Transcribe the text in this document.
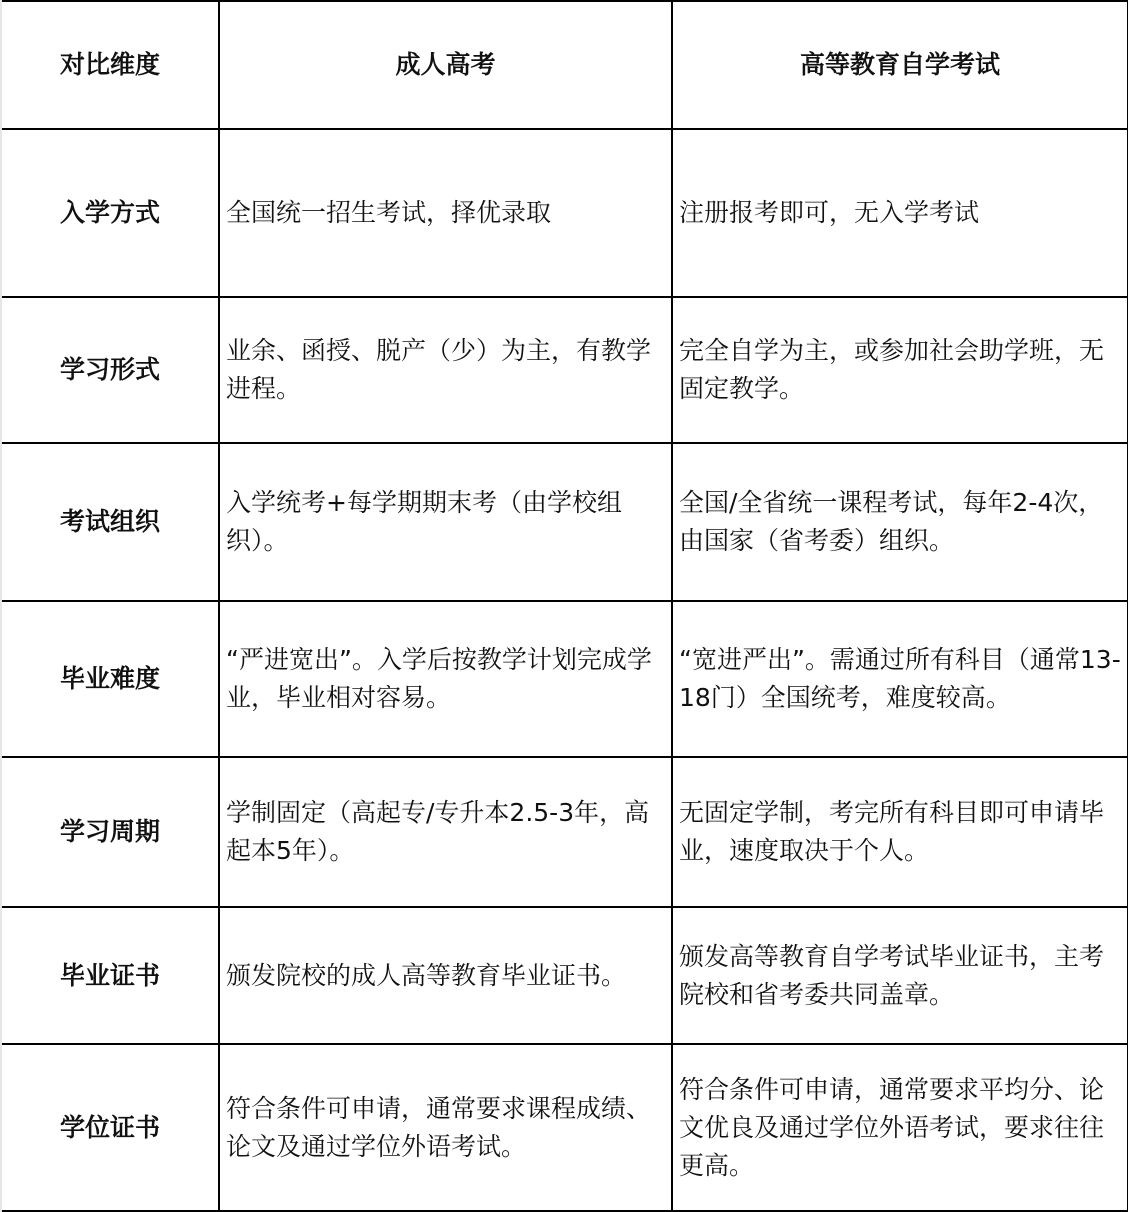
对比维度	成人高考	高等教育自学考试
入学方式	全国统一招生考试，择优录取	注册报考即可，无入学考试
学习形式	业余、函授、脱产（少）为主，有教学进程。	完全自学为主，或参加社会助学班，无固定教学。
考试组织	入学统考+每学期期末考（由学校组织）。	全国/全省统一课程考试，每年2-4次，由国家（省考委）组织。
毕业难度	“严进宽出”。入学后按教学计划完成学业，毕业相对容易。	“宽进严出”。需通过所有科目（通常13-18门）全国统考，难度较高。
学习周期	学制固定（高起专/专升本2.5-3年，高起本5年）。	无固定学制，考完所有科目即可申请毕业，速度取决于个人。
毕业证书	颁发院校的成人高等教育毕业证书。	颁发高等教育自学考试毕业证书，主考院校和省考委共同盖章。
学位证书	符合条件可申请，通常要求课程成绩、论文及通过学位外语考试。	符合条件可申请，通常要求平均分、论文优良及通过学位外语考试，要求往往更高。
